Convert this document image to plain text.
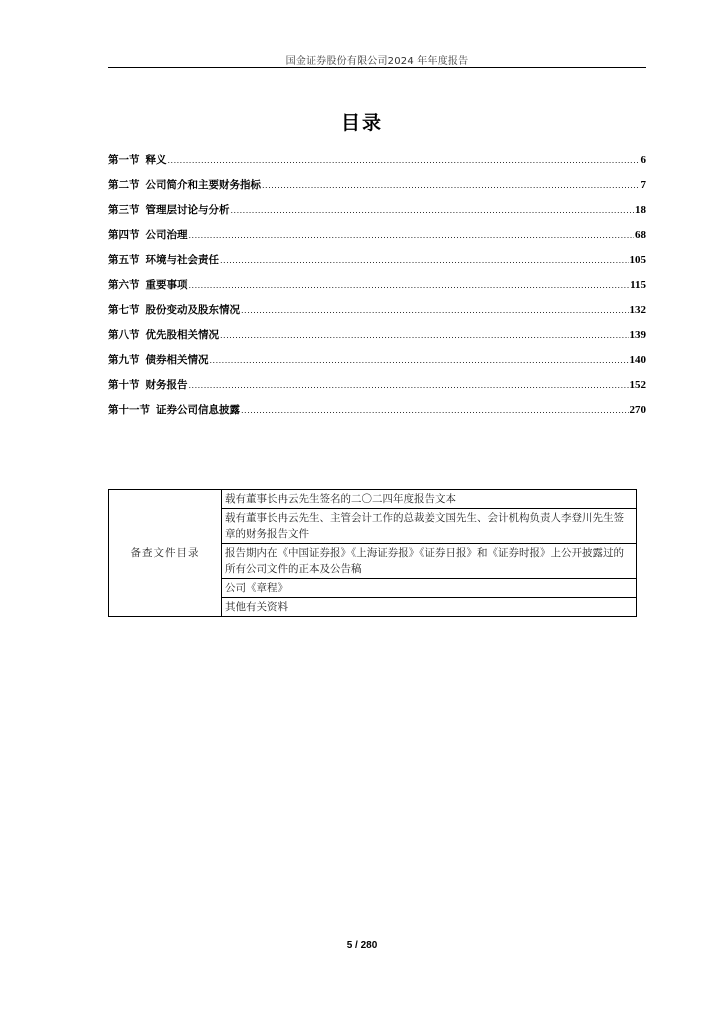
国金证券股份有限公司2024 年年度报告
目录
第一节 释义 .....	6
第二节 公司简介和主要财务指标 .....	7
第三节 管理层讨论与分析 .....	18
第四节 公司治理 .....	68
第五节 环境与社会责任 .....	105
第六节 重要事项 .....	115
第七节 股份变动及股东情况 .....	132
第八节 优先股相关情况 .....	139
第九节 债券相关情况 .....	140
第十节 财务报告 .....	152
第十一节 证券公司信息披露 .....	270
备查文件目录	载有董事长冉云先生签名的二〇二四年度报告文本
载有董事长冉云先生、主管会计工作的总裁姜文国先生、会计机构负责人李登川先生签章的财务报告文件
报告期内在《中国证券报》《上海证券报》《证券日报》和《证券时报》上公开披露过的所有公司文件的正本及公告稿
公司《章程》
其他有关资料
5 / 280
